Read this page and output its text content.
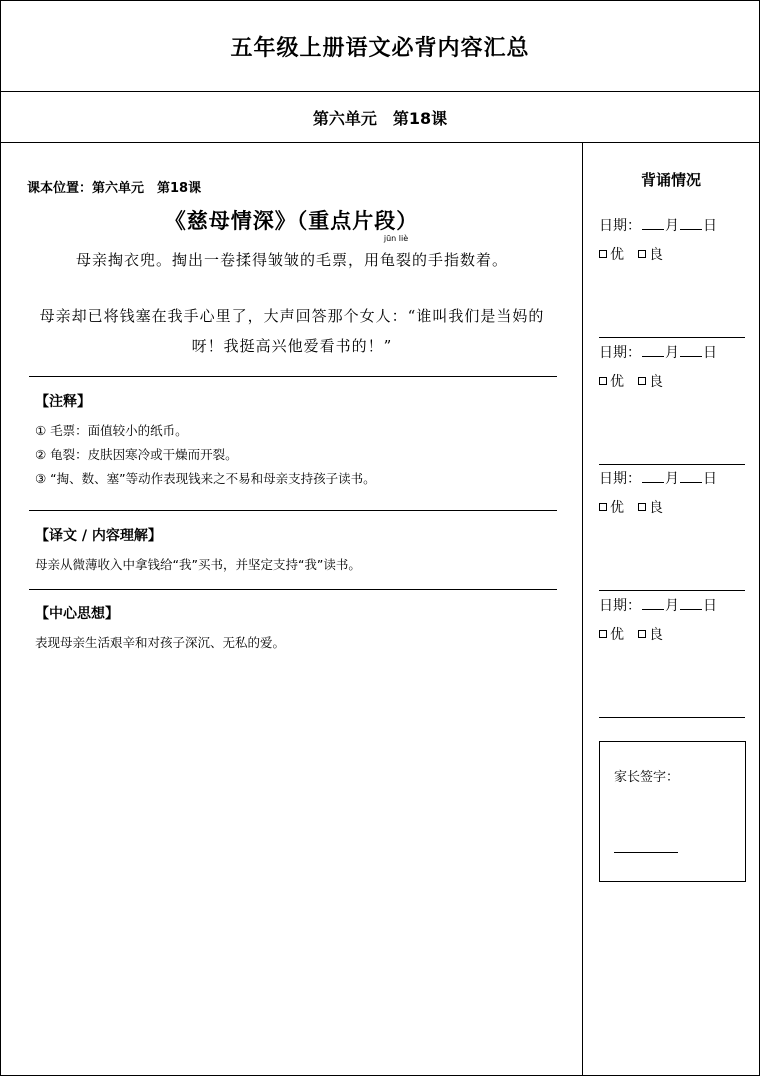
五年级上册语文必背内容汇总
第六单元　第18课
课本位置：第六单元　第18课
《慈母情深》（重点片段）
母亲掏衣兜。掏出一卷揉得皱皱的毛票，用
jūn liè
龟裂的手指数着。
母亲却已将钱塞在我手心里了，大声回答那个女人：“谁叫我们是当妈的呀！我挺高兴他爱看书的！”
【注释】
① 毛票：面值较小的纸币。
② 龟裂：皮肤因寒冷或干燥而开裂。
③ “掏、数、塞”等动作表现钱来之不易和母亲支持孩子读书。
【译文 / 内容理解】
母亲从微薄收入中拿钱给“我”买书，并坚定支持“我”读书。
【中心思想】
表现母亲生活艰辛和对孩子深沉、无私的爱。
背诵情况
日期： 月 日
优 良
日期： 月 日
优 良
日期： 月 日
优 良
日期： 月 日
优 良
家长签字：
